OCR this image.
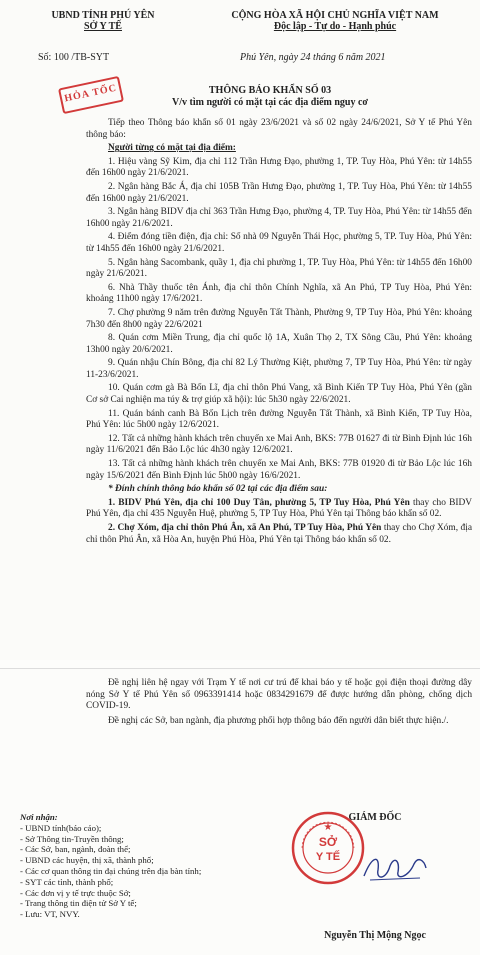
UBND TỈNH PHÚ YÊN
SỞ Y TẾ
CỘNG HÒA XÃ HỘI CHỦ NGHĨA VIỆT NAM
Độc lập - Tự do - Hạnh phúc
Số: 100 /TB-SYT	Phú Yên, ngày 24 tháng 6 năm 2021
HỎA TỐC	THÔNG BÁO KHẨN SỐ 03
V/v tìm người có mặt tại các địa điểm nguy cơ

Tiếp theo Thông báo khẩn số 01 ngày 23/6/2021 và số 02 ngày 24/6/2021, Sở Y tế Phú Yên thông báo:

Người từng có mặt tại địa điểm:

1. Hiệu vàng Sỹ Kim, địa chỉ 112 Trần Hưng Đạo, phường 1, TP. Tuy Hòa, Phú Yên: từ 14h55 đến 16h00 ngày 21/6/2021.

2. Ngân hàng Bắc Á, địa chỉ 105B Trần Hưng Đạo, phường 1, TP. Tuy Hòa, Phú Yên: từ 14h55 đến 16h00 ngày 21/6/2021.

3. Ngân hàng BIDV địa chỉ 363 Trần Hưng Đạo, phường 4, TP. Tuy Hòa, Phú Yên: từ 14h55 đến 16h00 ngày 21/6/2021.

4. Điểm đóng tiền điện, địa chỉ: Số nhà 09 Nguyễn Thái Học, phường 5, TP. Tuy Hòa, Phú Yên: từ 14h55 đến 16h00 ngày 21/6/2021.

5. Ngân hàng Sacombank, quầy 1, địa chỉ phường 1, TP. Tuy Hòa, Phú Yên: từ 14h55 đến 16h00 ngày 21/6/2021.

6. Nhà Thầy thuốc tên Ánh, địa chỉ thôn Chính Nghĩa, xã An Phú, TP Tuy Hòa, Phú Yên: khoảng 11h00 ngày 17/6/2021.

7. Chợ phường 9 năm trên đường Nguyễn Tất Thành, Phường 9, TP Tuy Hòa, Phú Yên: khoảng 7h30 đến 8h00 ngày 22/6/2021

8. Quán cơm Miền Trung, địa chỉ quốc lộ 1A, Xuân Thọ 2, TX Sông Cầu, Phú Yên: khoảng 13h00 ngày 20/6/2021.

9. Quán nhậu Chín Bông, địa chỉ 82 Lý Thường Kiệt, phường 7, TP Tuy Hòa, Phú Yên: từ ngày 11-23/6/2021.

10. Quán cơm gà Bà Bốn Lĩ, địa chỉ thôn Phú Vang, xã Bình Kiến TP Tuy Hòa, Phú Yên (gần Cơ sở Cai nghiện ma túy & trợ giúp xã hội): lúc 5h30 ngày 22/6/2021.

11. Quán bánh canh Bà Bốn Lịch trên đường Nguyễn Tất Thành, xã Bình Kiến, TP Tuy Hòa, Phú Yên: lúc 5h00 ngày 12/6/2021.

12. Tất cả những hành khách trên chuyến xe Mai Anh, BKS: 77B 01627 đi từ Bình Định lúc 16h ngày 11/6/2021 đến Bảo Lộc lúc 4h30 ngày 12/6/2021.

13. Tất cả những hành khách trên chuyến xe Mai Anh, BKS: 77B 01920 đi từ Bảo Lộc lúc 16h ngày 15/6/2021 đến Bình Định lúc 5h00 ngày 16/6/2021.

* Đính chính thông báo khẩn số 02 tại các địa điểm sau:

1. BIDV Phú Yên, địa chỉ 100 Duy Tân, phường 5, TP Tuy Hòa, Phú Yên thay cho BIDV Phú Yên, địa chỉ 435 Nguyễn Huệ, phường 5, TP Tuy Hòa, Phú Yên tại Thông báo khẩn số 02.

2. Chợ Xóm, địa chỉ thôn Phú Ân, xã An Phú, TP Tuy Hòa, Phú Yên thay cho Chợ Xóm, địa chỉ thôn Phú Ân, xã Hòa An, huyện Phú Hòa, Phú Yên tại Thông báo khẩn số 02.

Đề nghị liên hệ ngay với Trạm Y tế nơi cư trú để khai báo y tế hoặc gọi điện thoại đường dây nóng Sở Y tế Phú Yên số 0963391414 hoặc 0834291679 để được hướng dẫn phòng, chống dịch COVID-19.

Đề nghị các Sở, ban ngành, địa phương phối hợp thông báo đến người dân biết thực hiện./.

Nơi nhận:
- UBND tỉnh(báo cáo);
- Sở Thông tin-Truyền thông;
- Các Sở, ban, ngành, đoàn thể;
- UBND các huyện, thị xã, thành phố;
- Các cơ quan thông tin đại chúng trên địa bàn tỉnh;
- SYT các tỉnh, thành phố;
- Các đơn vị y tế trực thuộc Sở;
- Trang thông tin điện tử Sở Y tế;
- Lưu: VT, NVY.
GIÁM ĐỐC
Nguyễn Thị Mộng Ngọc
SỞ
Y TẾ
★
